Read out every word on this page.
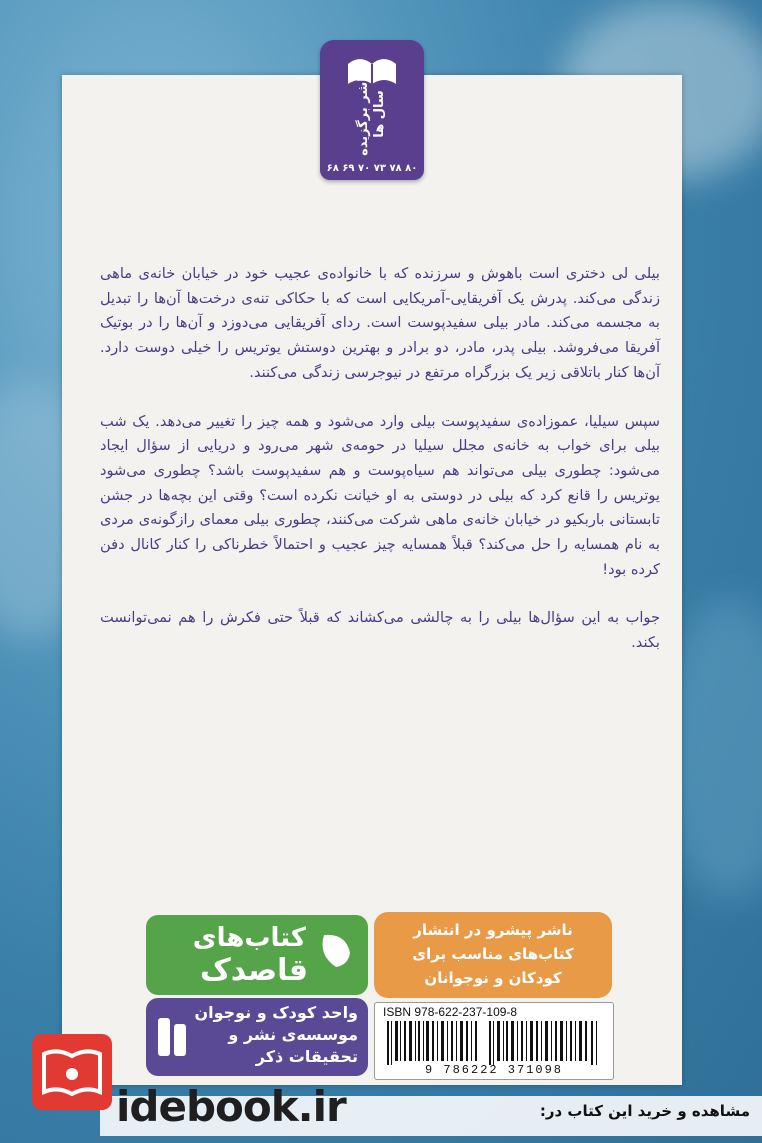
ناشر برگزیده سال ها
۸۰ ۷۸ ۷۳ ۷۰ ۶۹ ۶۸

بیلی لی دختری است باهوش و سرزنده که با خانواده‌ی عجیب خود در خیابان خانه‌ی ماهی زندگی می‌کند. پدرش یک آفریقایی-آمریکایی است که با حکاکی تنه‌ی درخت‌ها آن‌ها را تبدیل به مجسمه می‌کند. مادر بیلی سفیدپوست است. ردای آفریقایی می‌دوزد و آن‌ها را در بوتیک آفریقا می‌فروشد. بیلی پدر، مادر، دو برادر و بهترین دوستش یوتریس را خیلی دوست دارد. آن‌ها کنار باتلاقی زیر یک بزرگراه مرتفع در نیوجرسی زندگی می‌کنند.

سپس سیلیا، عموزاده‌ی سفیدپوست بیلی وارد می‌شود و همه چیز را تغییر می‌دهد. یک شب بیلی برای خواب به خانه‌ی مجلل سیلیا در حومه‌ی شهر می‌رود و دریایی از سؤال ایجاد می‌شود: چطوری بیلی می‌تواند هم سیاه‌پوست و هم سفیدپوست باشد؟ چطوری می‌شود یوتریس را قانع کرد که بیلی در دوستی به او خیانت نکرده است؟ وقتی این بچه‌ها در جشن تابستانی باربکیو در خیابان خانه‌ی ماهی شرکت می‌کنند، چطوری بیلی معمای رازگونه‌ی مردی به نام همسایه را حل می‌کند؟ قبلاً همسایه چیز عجیب و احتمالاً خطرناکی را کنار کانال دفن کرده بود!

جواب به این سؤال‌ها بیلی را به چالشی می‌کشاند که قبلاً حتی فکرش را هم نمی‌توانست بکند.

کتاب‌های
قاصدک
ناشر پیشرو در انتشار
کتاب‌های مناسب برای
کودکان و نوجوانان
واحد کودک و نوجوان
موسسه‌ی نشر و
تحقیقات ذکر
ISBN 978-622-237-109-8
9 786222 371098
idebook.ir	مشاهده و خرید این کتاب در:
